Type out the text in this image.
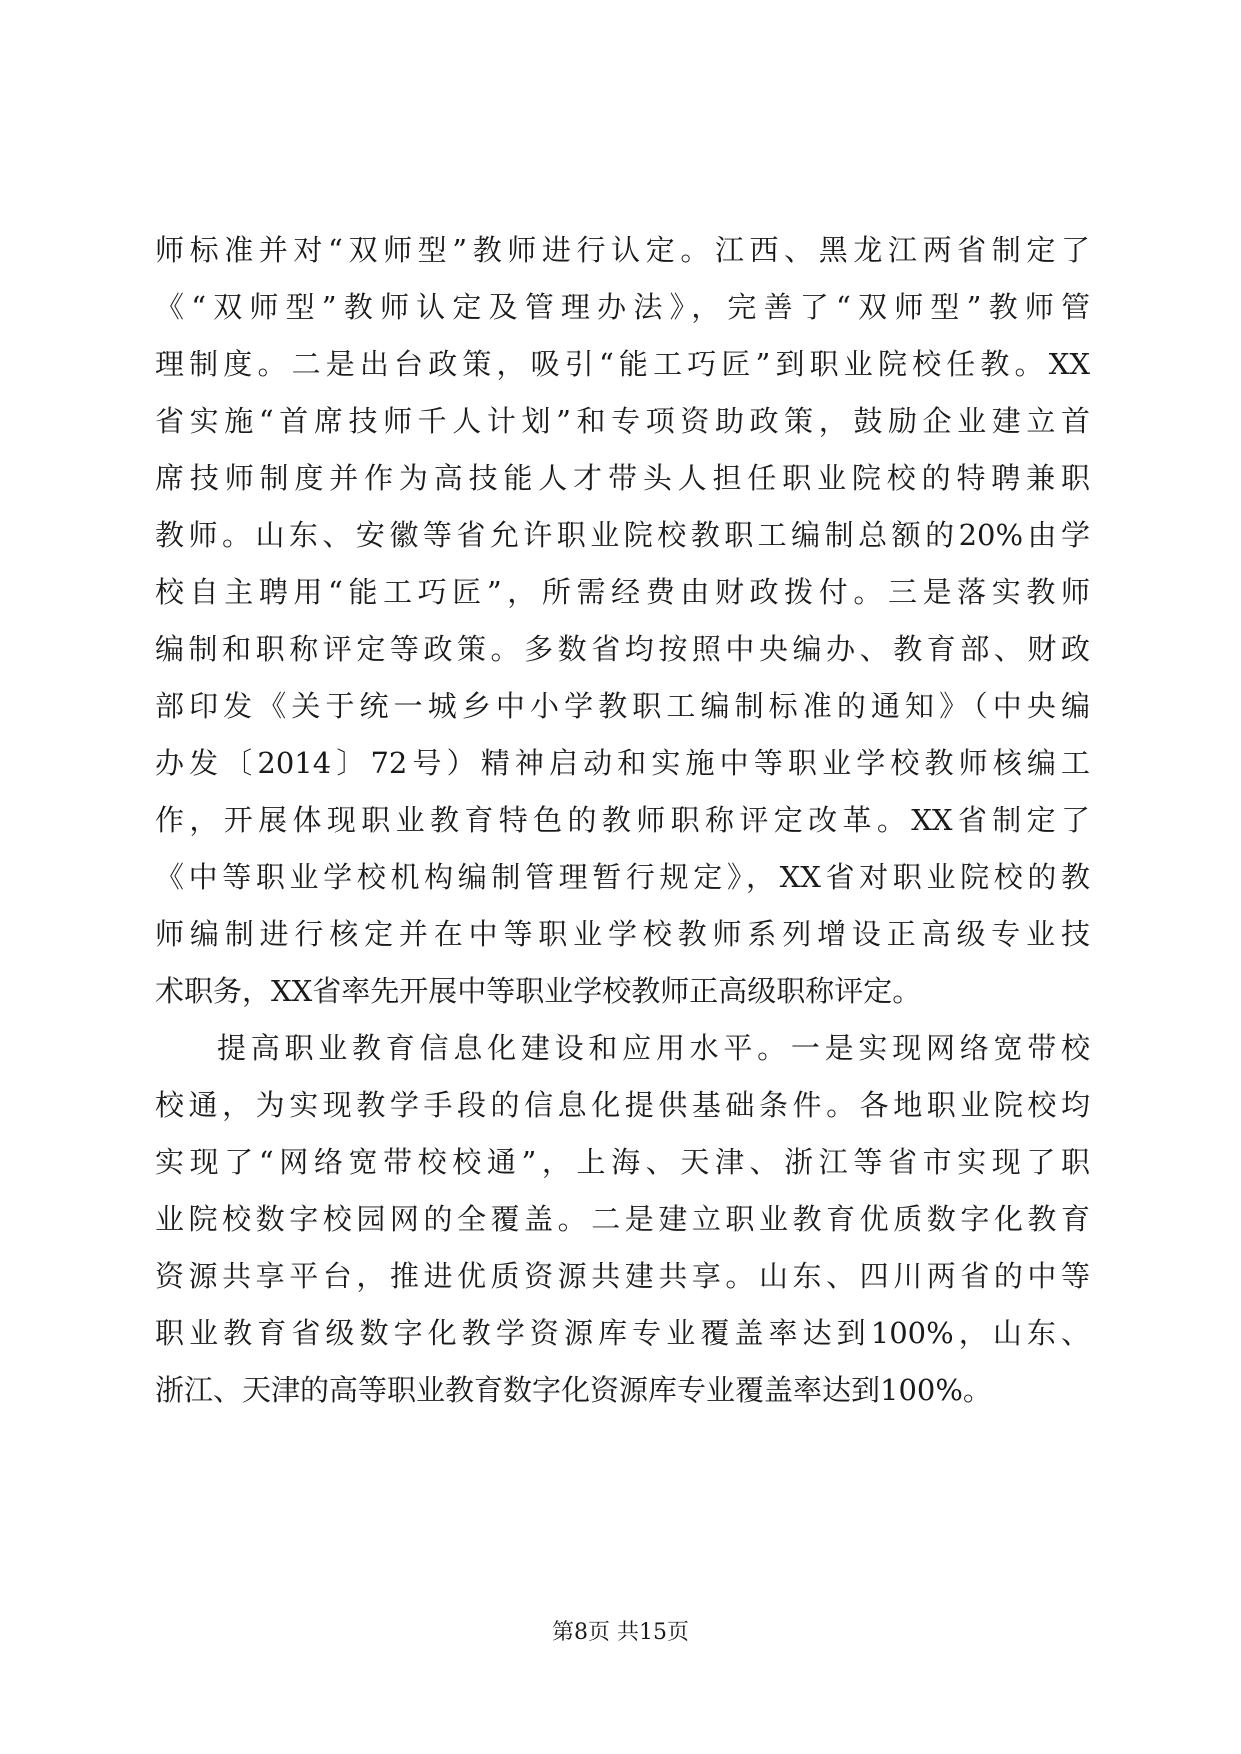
师标准并对“双师型”教师进行认定。江西、黑龙江两省制定了
《“双师型”教师认定及管理办法》，完善了“双师型”教师管
理制度。二是出台政策，吸引“能工巧匠”到职业院校任教。XX
省实施“首席技师千人计划”和专项资助政策，鼓励企业建立首
席技师制度并作为高技能人才带头人担任职业院校的特聘兼职
教师。山东、安徽等省允许职业院校教职工编制总额的20%由学
校自主聘用“能工巧匠”，所需经费由财政拨付。三是落实教师
编制和职称评定等政策。多数省均按照中央编办、教育部、财政
部印发《关于统一城乡中小学教职工编制标准的通知》（中央编
办发〔2014〕72号）精神启动和实施中等职业学校教师核编工
作，开展体现职业教育特色的教师职称评定改革。XX省制定了
《中等职业学校机构编制管理暂行规定》，XX省对职业院校的教
师编制进行核定并在中等职业学校教师系列增设正高级专业技
术职务，XX省率先开展中等职业学校教师正高级职称评定。
提高职业教育信息化建设和应用水平。一是实现网络宽带校
校通，为实现教学手段的信息化提供基础条件。各地职业院校均
实现了“网络宽带校校通”，上海、天津、浙江等省市实现了职
业院校数字校园网的全覆盖。二是建立职业教育优质数字化教育
资源共享平台，推进优质资源共建共享。山东、四川两省的中等
职业教育省级数字化教学资源库专业覆盖率达到100%，山东、
浙江、天津的高等职业教育数字化资源库专业覆盖率达到100%。
第8页 共15页
